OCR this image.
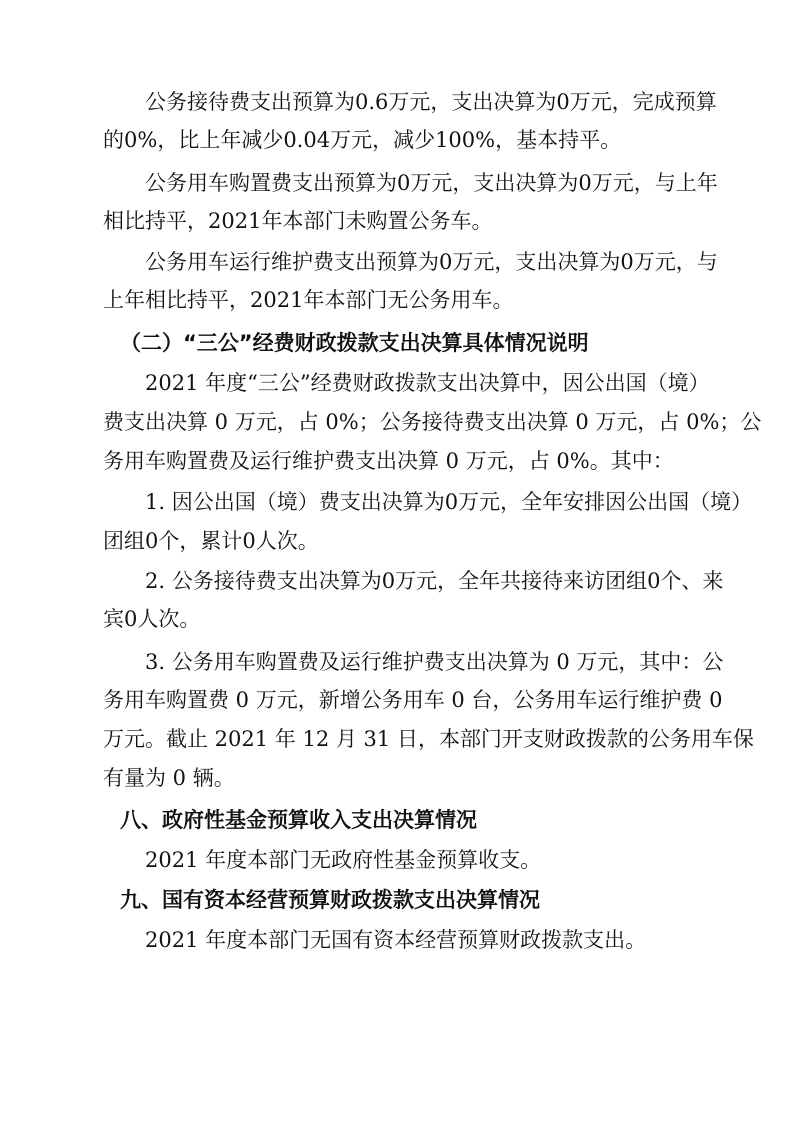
公务接待费支出预算为0.6万元，支出决算为0万元，完成预算
的0%，比上年减少0.04万元，减少100%，基本持平。
公务用车购置费支出预算为0万元，支出决算为0万元，与上年
相比持平，2021年本部门未购置公务车。
公务用车运行维护费支出预算为0万元，支出决算为0万元，与
上年相比持平，2021年本部门无公务用车。
（二）“三公”经费财政拨款支出决算具体情况说明
2021 年度“三公”经费财政拨款支出决算中，因公出国（境）
费支出决算 0 万元，占 0%；公务接待费支出决算 0 万元，占 0%；公
务用车购置费及运行维护费支出决算 0 万元，占 0%。其中：
1. 因公出国（境）费支出决算为0万元，全年安排因公出国（境）
团组0个，累计0人次。
2. 公务接待费支出决算为0万元，全年共接待来访团组0个、来
宾0人次。
3. 公务用车购置费及运行维护费支出决算为 0 万元，其中：公
务用车购置费 0 万元，新增公务用车 0 台，公务用车运行维护费 0
万元。截止 2021 年 12 月 31 日，本部门开支财政拨款的公务用车保
有量为 0 辆。
八、政府性基金预算收入支出决算情况
2021 年度本部门无政府性基金预算收支。
九、国有资本经营预算财政拨款支出决算情况
2021 年度本部门无国有资本经营预算财政拨款支出。
